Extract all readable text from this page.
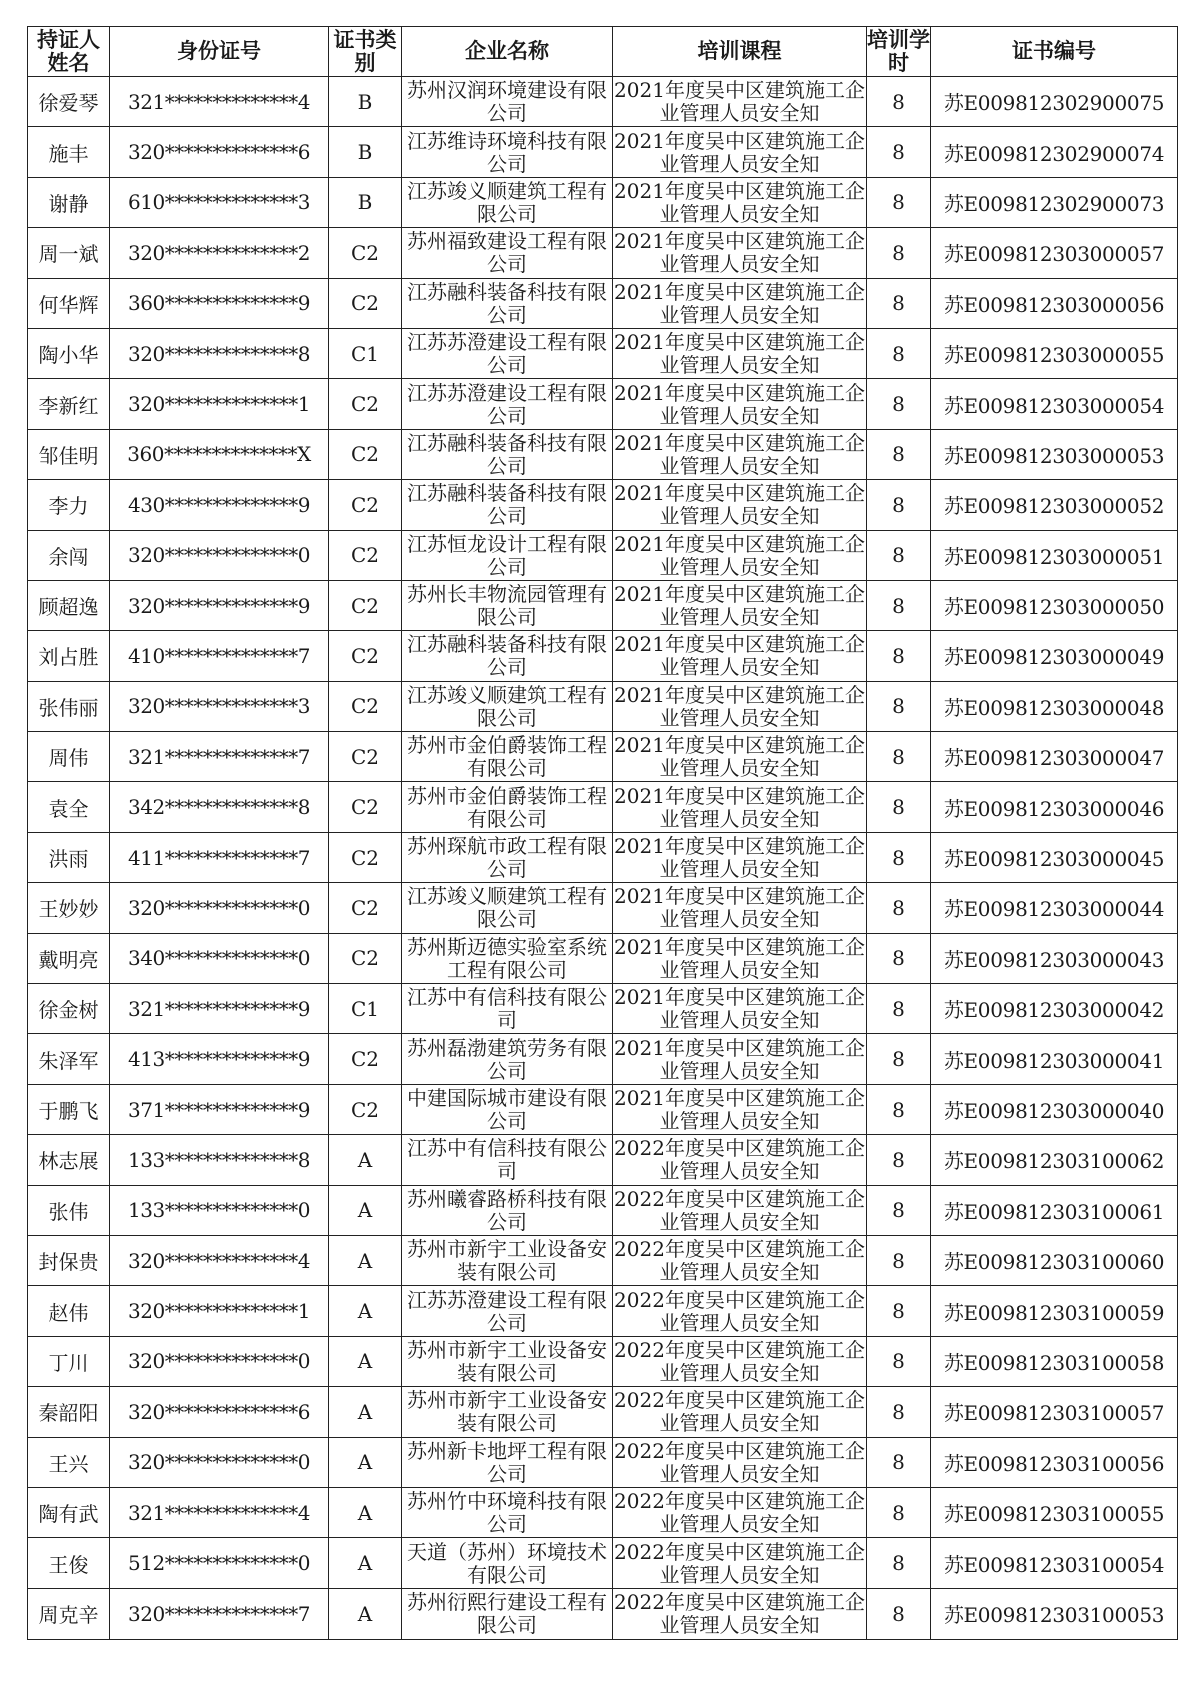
持证人姓名	身份证号	证书类别	企业名称	培训课程	培训学时	证书编号
徐爱琴	321**************4	B	苏州汉润环境建设有限公司	2021年度吴中区建筑施工企业管理人员安全知	8	苏E009812302900075
施丰	320**************6	B	江苏维诗环境科技有限公司	2021年度吴中区建筑施工企业管理人员安全知	8	苏E009812302900074
谢静	610**************3	B	江苏竣义顺建筑工程有限公司	2021年度吴中区建筑施工企业管理人员安全知	8	苏E009812302900073
周一斌	320**************2	C2	苏州福致建设工程有限公司	2021年度吴中区建筑施工企业管理人员安全知	8	苏E009812303000057
何华辉	360**************9	C2	江苏融科装备科技有限公司	2021年度吴中区建筑施工企业管理人员安全知	8	苏E009812303000056
陶小华	320**************8	C1	江苏苏澄建设工程有限公司	2021年度吴中区建筑施工企业管理人员安全知	8	苏E009812303000055
李新红	320**************1	C2	江苏苏澄建设工程有限公司	2021年度吴中区建筑施工企业管理人员安全知	8	苏E009812303000054
邹佳明	360**************X	C2	江苏融科装备科技有限公司	2021年度吴中区建筑施工企业管理人员安全知	8	苏E009812303000053
李力	430**************9	C2	江苏融科装备科技有限公司	2021年度吴中区建筑施工企业管理人员安全知	8	苏E009812303000052
余闯	320**************0	C2	江苏恒龙设计工程有限公司	2021年度吴中区建筑施工企业管理人员安全知	8	苏E009812303000051
顾超逸	320**************9	C2	苏州长丰物流园管理有限公司	2021年度吴中区建筑施工企业管理人员安全知	8	苏E009812303000050
刘占胜	410**************7	C2	江苏融科装备科技有限公司	2021年度吴中区建筑施工企业管理人员安全知	8	苏E009812303000049
张伟丽	320**************3	C2	江苏竣义顺建筑工程有限公司	2021年度吴中区建筑施工企业管理人员安全知	8	苏E009812303000048
周伟	321**************7	C2	苏州市金伯爵装饰工程有限公司	2021年度吴中区建筑施工企业管理人员安全知	8	苏E009812303000047
袁全	342**************8	C2	苏州市金伯爵装饰工程有限公司	2021年度吴中区建筑施工企业管理人员安全知	8	苏E009812303000046
洪雨	411**************7	C2	苏州琛航市政工程有限公司	2021年度吴中区建筑施工企业管理人员安全知	8	苏E009812303000045
王妙妙	320**************0	C2	江苏竣义顺建筑工程有限公司	2021年度吴中区建筑施工企业管理人员安全知	8	苏E009812303000044
戴明亮	340**************0	C2	苏州斯迈德实验室系统工程有限公司	2021年度吴中区建筑施工企业管理人员安全知	8	苏E009812303000043
徐金树	321**************9	C1	江苏中有信科技有限公司	2021年度吴中区建筑施工企业管理人员安全知	8	苏E009812303000042
朱泽军	413**************9	C2	苏州磊渤建筑劳务有限公司	2021年度吴中区建筑施工企业管理人员安全知	8	苏E009812303000041
于鹏飞	371**************9	C2	中建国际城市建设有限公司	2021年度吴中区建筑施工企业管理人员安全知	8	苏E009812303000040
林志展	133**************8	A	江苏中有信科技有限公司	2022年度吴中区建筑施工企业管理人员安全知	8	苏E009812303100062
张伟	133**************0	A	苏州曦睿路桥科技有限公司	2022年度吴中区建筑施工企业管理人员安全知	8	苏E009812303100061
封保贵	320**************4	A	苏州市新宇工业设备安装有限公司	2022年度吴中区建筑施工企业管理人员安全知	8	苏E009812303100060
赵伟	320**************1	A	江苏苏澄建设工程有限公司	2022年度吴中区建筑施工企业管理人员安全知	8	苏E009812303100059
丁川	320**************0	A	苏州市新宇工业设备安装有限公司	2022年度吴中区建筑施工企业管理人员安全知	8	苏E009812303100058
秦韶阳	320**************6	A	苏州市新宇工业设备安装有限公司	2022年度吴中区建筑施工企业管理人员安全知	8	苏E009812303100057
王兴	320**************0	A	苏州新卡地坪工程有限公司	2022年度吴中区建筑施工企业管理人员安全知	8	苏E009812303100056
陶有武	321**************4	A	苏州竹中环境科技有限公司	2022年度吴中区建筑施工企业管理人员安全知	8	苏E009812303100055
王俊	512**************0	A	天道（苏州）环境技术有限公司	2022年度吴中区建筑施工企业管理人员安全知	8	苏E009812303100054
周克辛	320**************7	A	苏州衍熙行建设工程有限公司	2022年度吴中区建筑施工企业管理人员安全知	8	苏E009812303100053
